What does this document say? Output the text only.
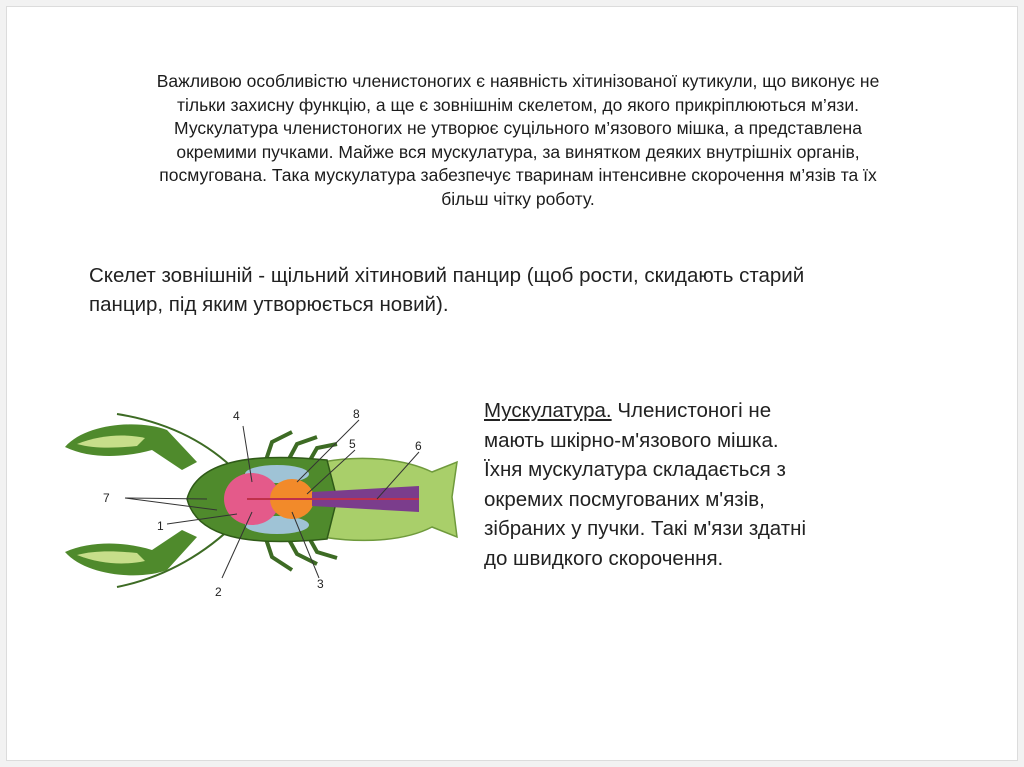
Важливою особливістю членистоногих є наявність хітинізованої кутикули, що виконує не
тільки захисну функцію, а ще є зовнішнім скелетом, до якого прикріплюються м’язи.
Мускулатура членистоногих не утворює суцільного м’язового мішка, а представлена
окремими пучками. Майже вся мускулатура, за винятком деяких внутрішніх органів,
посмугована. Така мускулатура забезпечує тваринам інтенсивне скорочення м’язів та їх
більш чітку роботу.
Скелет зовнішній - щільний хітиновий панцир (щоб рости, скидають старий
панцир, під яким утворюється новий).
4	8
5	6
7
1
2
3
Мускулатура. Членистоногі не
мають шкірно-м'язового мішка.
Їхня мускулатура складається з
окремих посмугованих м'язів,
зібраних у пучки. Такі м'язи здатні
до швидкого скорочення.
